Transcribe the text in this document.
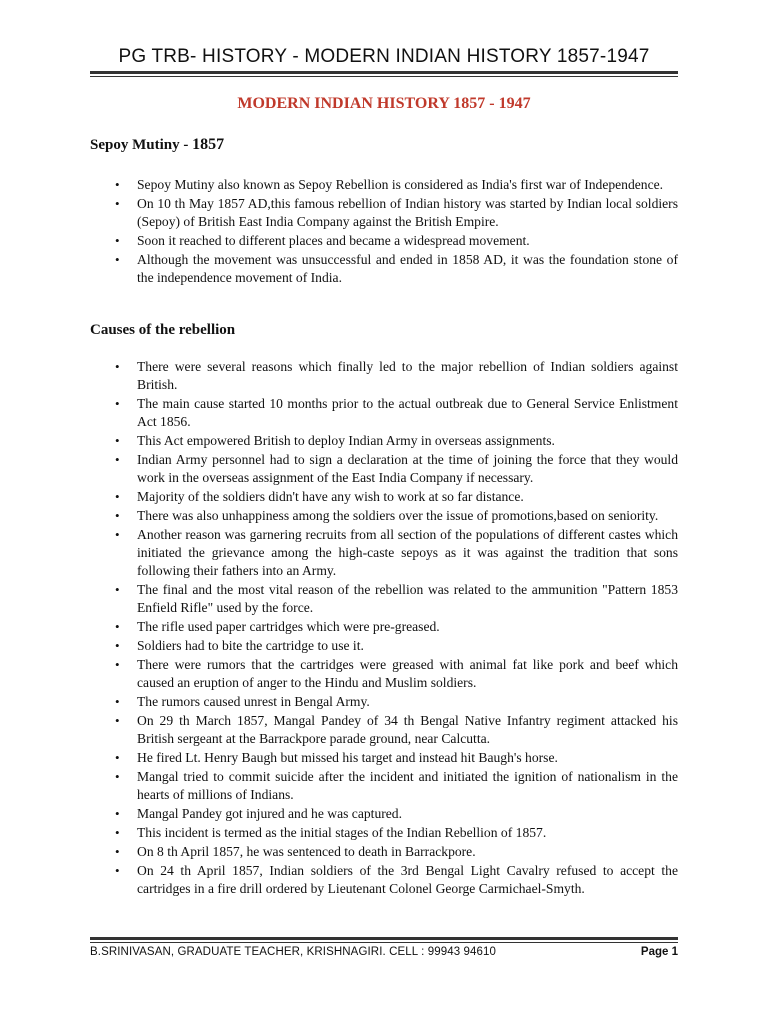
PG TRB- HISTORY - MODERN INDIAN HISTORY 1857-1947
MODERN INDIAN HISTORY 1857 - 1947
Sepoy Mutiny - 1857
• Sepoy Mutiny also known as Sepoy Rebellion is considered as India's first war of Independence.
• On 10 th May 1857 AD,this famous rebellion of Indian history was started by Indian local soldiers (Sepoy) of British East India Company against the British Empire.
• Soon it reached to different places and became a widespread movement.
• Although the movement was unsuccessful and ended in 1858 AD, it was the foundation stone of the independence movement of India.
Causes of the rebellion
• There were several reasons which finally led to the major rebellion of Indian soldiers against British.
• The main cause started 10 months prior to the actual outbreak due to General Service Enlistment Act 1856.
• This Act empowered British to deploy Indian Army in overseas assignments.
• Indian Army personnel had to sign a declaration at the time of joining the force that they would work in the overseas assignment of the East India Company if necessary.
• Majority of the soldiers didn't have any wish to work at so far distance.
• There was also unhappiness among the soldiers over the issue of promotions,based on seniority.
• Another reason was garnering recruits from all section of the populations of different castes which initiated the grievance among the high-caste sepoys as it was against the tradition that sons following their fathers into an Army.
• The final and the most vital reason of the rebellion was related to the ammunition "Pattern 1853 Enfield Rifle" used by the force.
• The rifle used paper cartridges which were pre-greased.
• Soldiers had to bite the cartridge to use it.
• There were rumors that the cartridges were greased with animal fat like pork and beef which caused an eruption of anger to the Hindu and Muslim soldiers.
• The rumors caused unrest in Bengal Army.
• On 29 th March 1857, Mangal Pandey of 34 th Bengal Native Infantry regiment attacked his British sergeant at the Barrackpore parade ground, near Calcutta.
• He fired Lt. Henry Baugh but missed his target and instead hit Baugh's horse.
• Mangal tried to commit suicide after the incident and initiated the ignition of nationalism in the hearts of millions of Indians.
• Mangal Pandey got injured and he was captured.
• This incident is termed as the initial stages of the Indian Rebellion of 1857.
• On 8 th April 1857, he was sentenced to death in Barrackpore.
• On 24 th April 1857, Indian soldiers of the 3rd Bengal Light Cavalry refused to accept the cartridges in a fire drill ordered by Lieutenant Colonel George Carmichael-Smyth.
B.SRINIVASAN, GRADUATE TEACHER, KRISHNAGIRI. CELL : 99943 94610	Page 1
